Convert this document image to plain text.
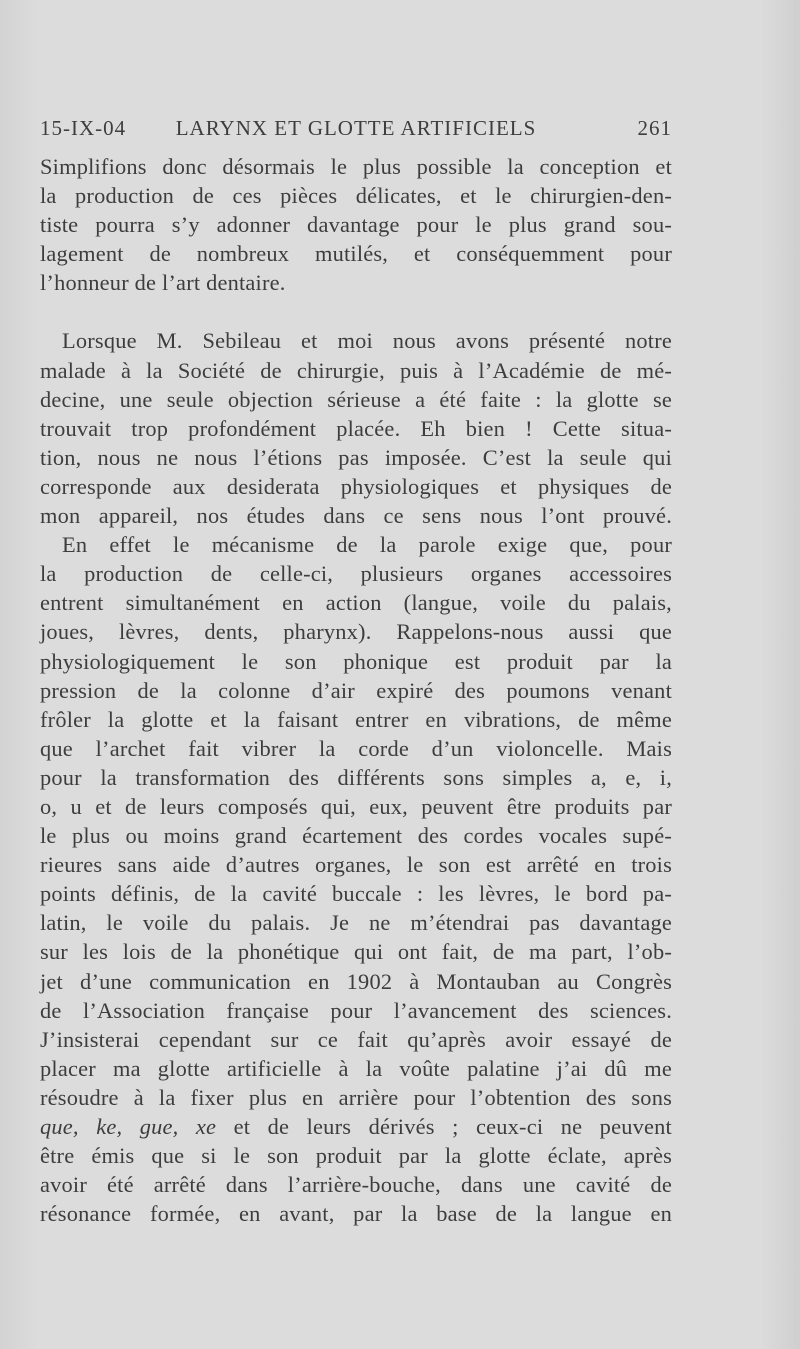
15-IX-04	LARYNX ET GLOTTE ARTIFICIELS	261
Simplifions donc désormais le plus possible la conception et
la production de ces pièces délicates, et le chirurgien-den-
tiste pourra s’y adonner davantage pour le plus grand sou-
lagement de nombreux mutilés, et conséquemment pour
l’honneur de l’art dentaire.
Lorsque M. Sebileau et moi nous avons présenté notre
malade à la Société de chirurgie, puis à l’Académie de mé-
decine, une seule objection sérieuse a été faite : la glotte se
trouvait trop profondément placée. Eh bien ! Cette situa-
tion, nous ne nous l’étions pas imposée. C’est la seule qui
corresponde aux desiderata physiologiques et physiques de
mon appareil, nos études dans ce sens nous l’ont prouvé.
En effet le mécanisme de la parole exige que, pour
la production de celle-ci, plusieurs organes accessoires
entrent simultanément en action (langue, voile du palais,
joues, lèvres, dents, pharynx). Rappelons-nous aussi que
physiologiquement le son phonique est produit par la
pression de la colonne d’air expiré des poumons venant
frôler la glotte et la faisant entrer en vibrations, de même
que l’archet fait vibrer la corde d’un violoncelle. Mais
pour la transformation des différents sons simples a, e, i,
o, u et de leurs composés qui, eux, peuvent être produits par
le plus ou moins grand écartement des cordes vocales supé-
rieures sans aide d’autres organes, le son est arrêté en trois
points définis, de la cavité buccale : les lèvres, le bord pa-
latin, le voile du palais. Je ne m’étendrai pas davantage
sur les lois de la phonétique qui ont fait, de ma part, l’ob-
jet d’une communication en 1902 à Montauban au Congrès
de l’Association française pour l’avancement des sciences.
J’insisterai cependant sur ce fait qu’après avoir essayé de
placer ma glotte artificielle à la voûte palatine j’ai dû me
résoudre à la fixer plus en arrière pour l’obtention des sons
que, ke, gue, xe et de leurs dérivés ; ceux-ci ne peuvent
être émis que si le son produit par la glotte éclate, après
avoir été arrêté dans l’arrière-bouche, dans une cavité de
résonance formée, en avant, par la base de la langue en
